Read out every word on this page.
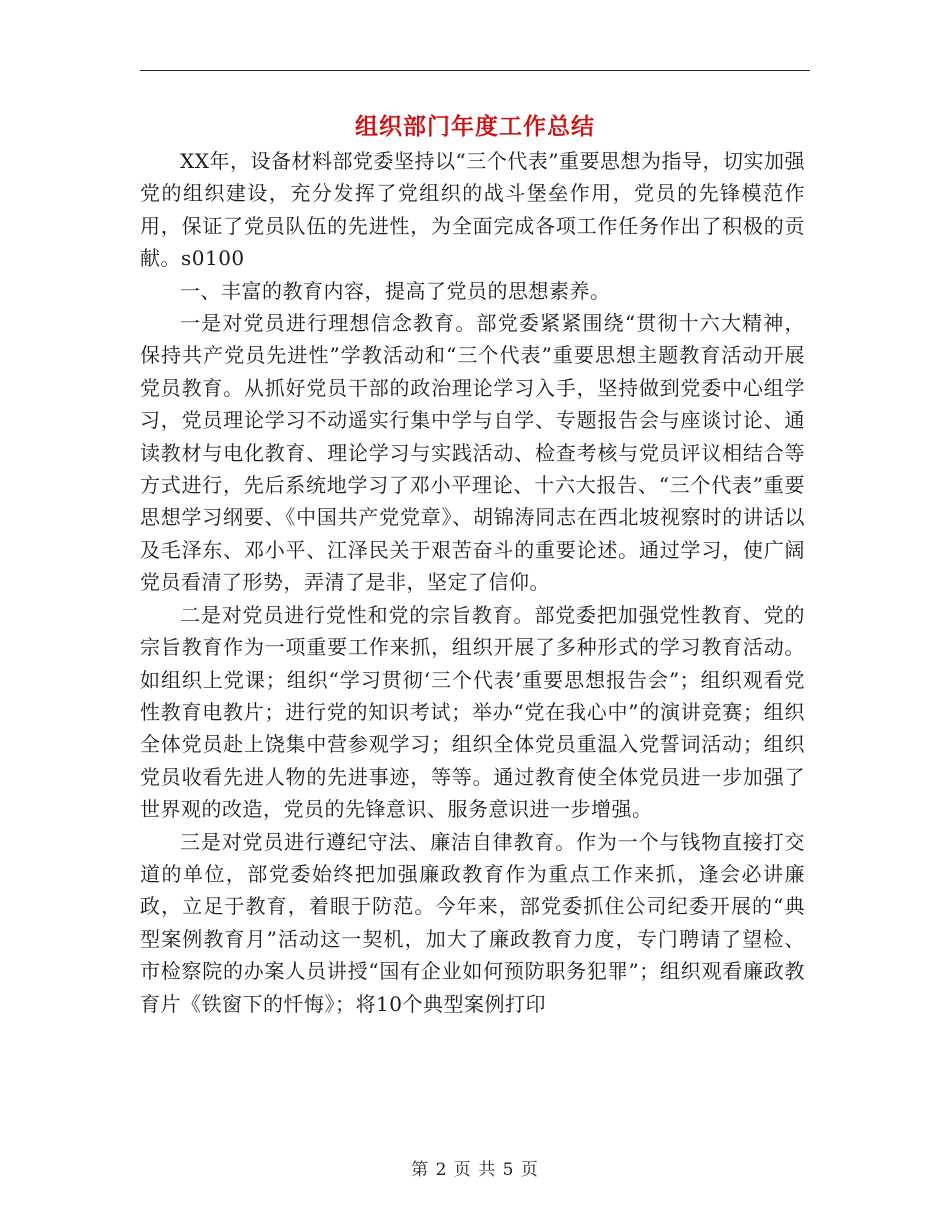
组织部门年度工作总结

XX年，设备材料部党委坚持以“三个代表”重要思想为指导，切实加强党的组织建设，充分发挥了党组织的战斗堡垒作用，党员的先锋模范作用，保证了党员队伍的先进性，为全面完成各项工作任务作出了积极的贡献。s0100

一、丰富的教育内容，提高了党员的思想素养。

一是对党员进行理想信念教育。部党委紧紧围绕“贯彻十六大精神，保持共产党员先进性”学教活动和“三个代表”重要思想主题教育活动开展党员教育。从抓好党员干部的政治理论学习入手，坚持做到党委中心组学习，党员理论学习不动遥实行集中学与自学、专题报告会与座谈讨论、通读教材与电化教育、理论学习与实践活动、检查考核与党员评议相结合等方式进行，先后系统地学习了邓小平理论、十六大报告、“三个代表”重要思想学习纲要、《中国共产党党章》、胡锦涛同志在西北坡视察时的讲话以及毛泽东、邓小平、江泽民关于艰苦奋斗的重要论述。通过学习，使广阔党员看清了形势，弄清了是非，坚定了信仰。

二是对党员进行党性和党的宗旨教育。部党委把加强党性教育、党的宗旨教育作为一项重要工作来抓，组织开展了多种形式的学习教育活动。如组织上党课；组织“学习贯彻‘三个代表’重要思想报告会”；组织观看党性教育电教片；进行党的知识考试；举办“党在我心中”的演讲竞赛；组织全体党员赴上饶集中营参观学习；组织全体党员重温入党誓词活动；组织党员收看先进人物的先进事迹，等等。通过教育使全体党员进一步加强了世界观的改造，党员的先锋意识、服务意识进一步增强。

三是对党员进行遵纪守法、廉洁自律教育。作为一个与钱物直接打交道的单位，部党委始终把加强廉政教育作为重点工作来抓，逢会必讲廉政，立足于教育，着眼于防范。今年来，部党委抓住公司纪委开展的“典型案例教育月”活动这一契机，加大了廉政教育力度，专门聘请了望检、市检察院的办案人员讲授“国有企业如何预防职务犯罪”；组织观看廉政教育片《铁窗下的忏悔》；将10个典型案例打印

第 2 页 共 5 页
